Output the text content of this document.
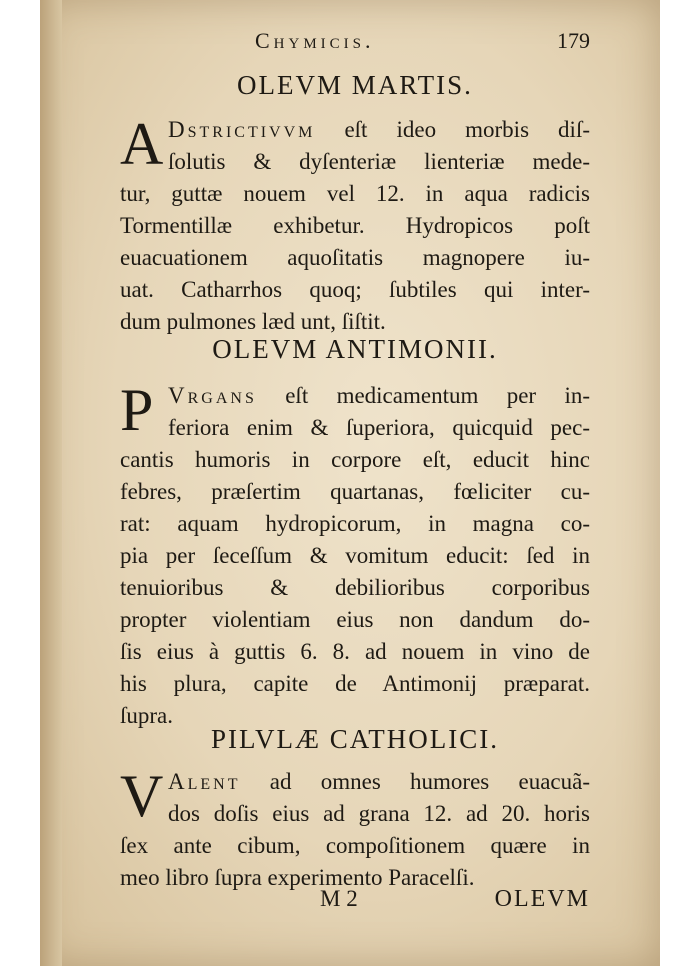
Chymicis.	179
OLEVM MARTIS.
A Dstrictivvm eſt ideo morbis diſ-
ſolutis & dyſenteriæ lienteriæ mede-
tur, guttæ nouem vel 12. in aqua radicis
Tormentillæ exhibetur. Hydropicos poſt
euacuationem aquoſitatis magnopere iu-
uat. Catharrhos quoq; ſubtiles qui inter-
dum pulmones læd unt, ſiſtit.
OLEVM ANTIMONII.
P Vrgans eſt medicamentum per in-
feriora enim & ſuperiora, quicquid pec-
cantis humoris in corpore eſt, educit hinc
febres, præſertim quartanas, fœliciter cu-
rat: aquam hydropicorum, in magna co-
pia per ſeceſſum & vomitum educit: ſed in
tenuioribus & debilioribus corporibus
propter violentiam eius non dandum do-
ſis eius à guttis 6. 8. ad nouem in vino de
his plura, capite de Antimonij præparat.
ſupra.
PILVLÆ CATHOLICI.
V Alent ad omnes humores euacuã-
dos doſis eius ad grana 12. ad 20. horis
ſex ante cibum, compoſitionem quære in
meo libro ſupra experimento Paracelſi.
M 2	OLEVM
